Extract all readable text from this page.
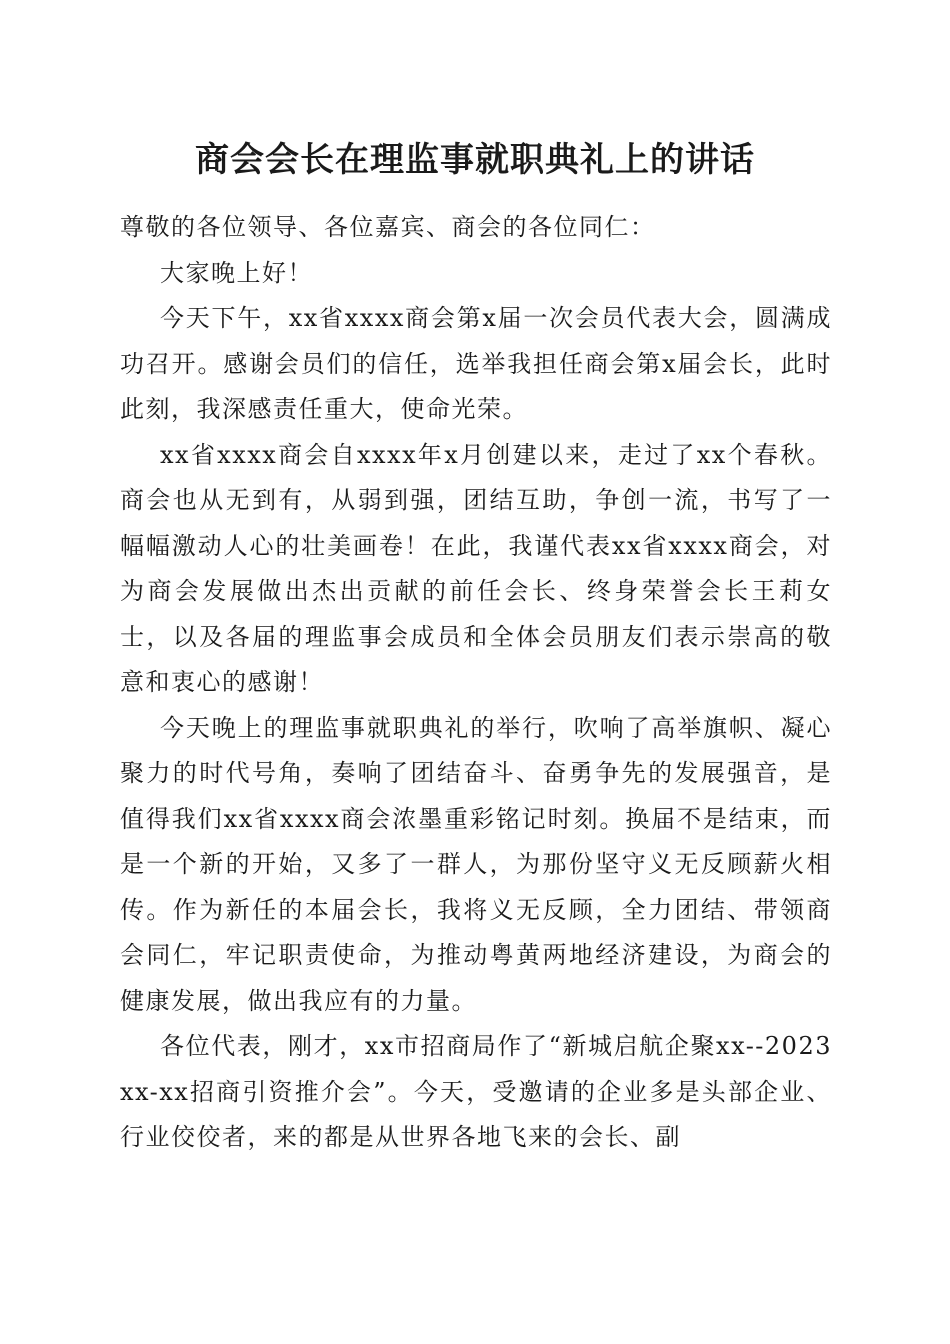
商会会长在理监事就职典礼上的讲话

尊敬的各位领导、各位嘉宾、商会的各位同仁：

大家晚上好！

今天下午，xx省xxxx商会第x届一次会员代表大会，圆满成功召开。感谢会员们的信任，选举我担任商会第x届会长，此时此刻，我深感责任重大，使命光荣。

xx省xxxx商会自xxxx年x月创建以来，走过了xx个春秋。商会也从无到有，从弱到强，团结互助，争创一流，书写了一幅幅激动人心的壮美画卷！在此，我谨代表xx省xxxx商会，对为商会发展做出杰出贡献的前任会长、终身荣誉会长王莉女士，以及各届的理监事会成员和全体会员朋友们表示崇高的敬意和衷心的感谢！

今天晚上的理监事就职典礼的举行，吹响了高举旗帜、凝心聚力的时代号角，奏响了团结奋斗、奋勇争先的发展强音，是值得我们xx省xxxx商会浓墨重彩铭记时刻。换届不是结束，而是一个新的开始，又多了一群人，为那份坚守义无反顾薪火相传。作为新任的本届会长，我将义无反顾，全力团结、带领商会同仁，牢记职责使命，为推动粤黄两地经济建设，为商会的健康发展，做出我应有的力量。

各位代表，刚才，xx市招商局作了“新城启航企聚xx--2023xx-xx招商引资推介会”。今天，受邀请的企业多是头部企业、行业佼佼者，来的都是从世界各地飞来的会长、副
